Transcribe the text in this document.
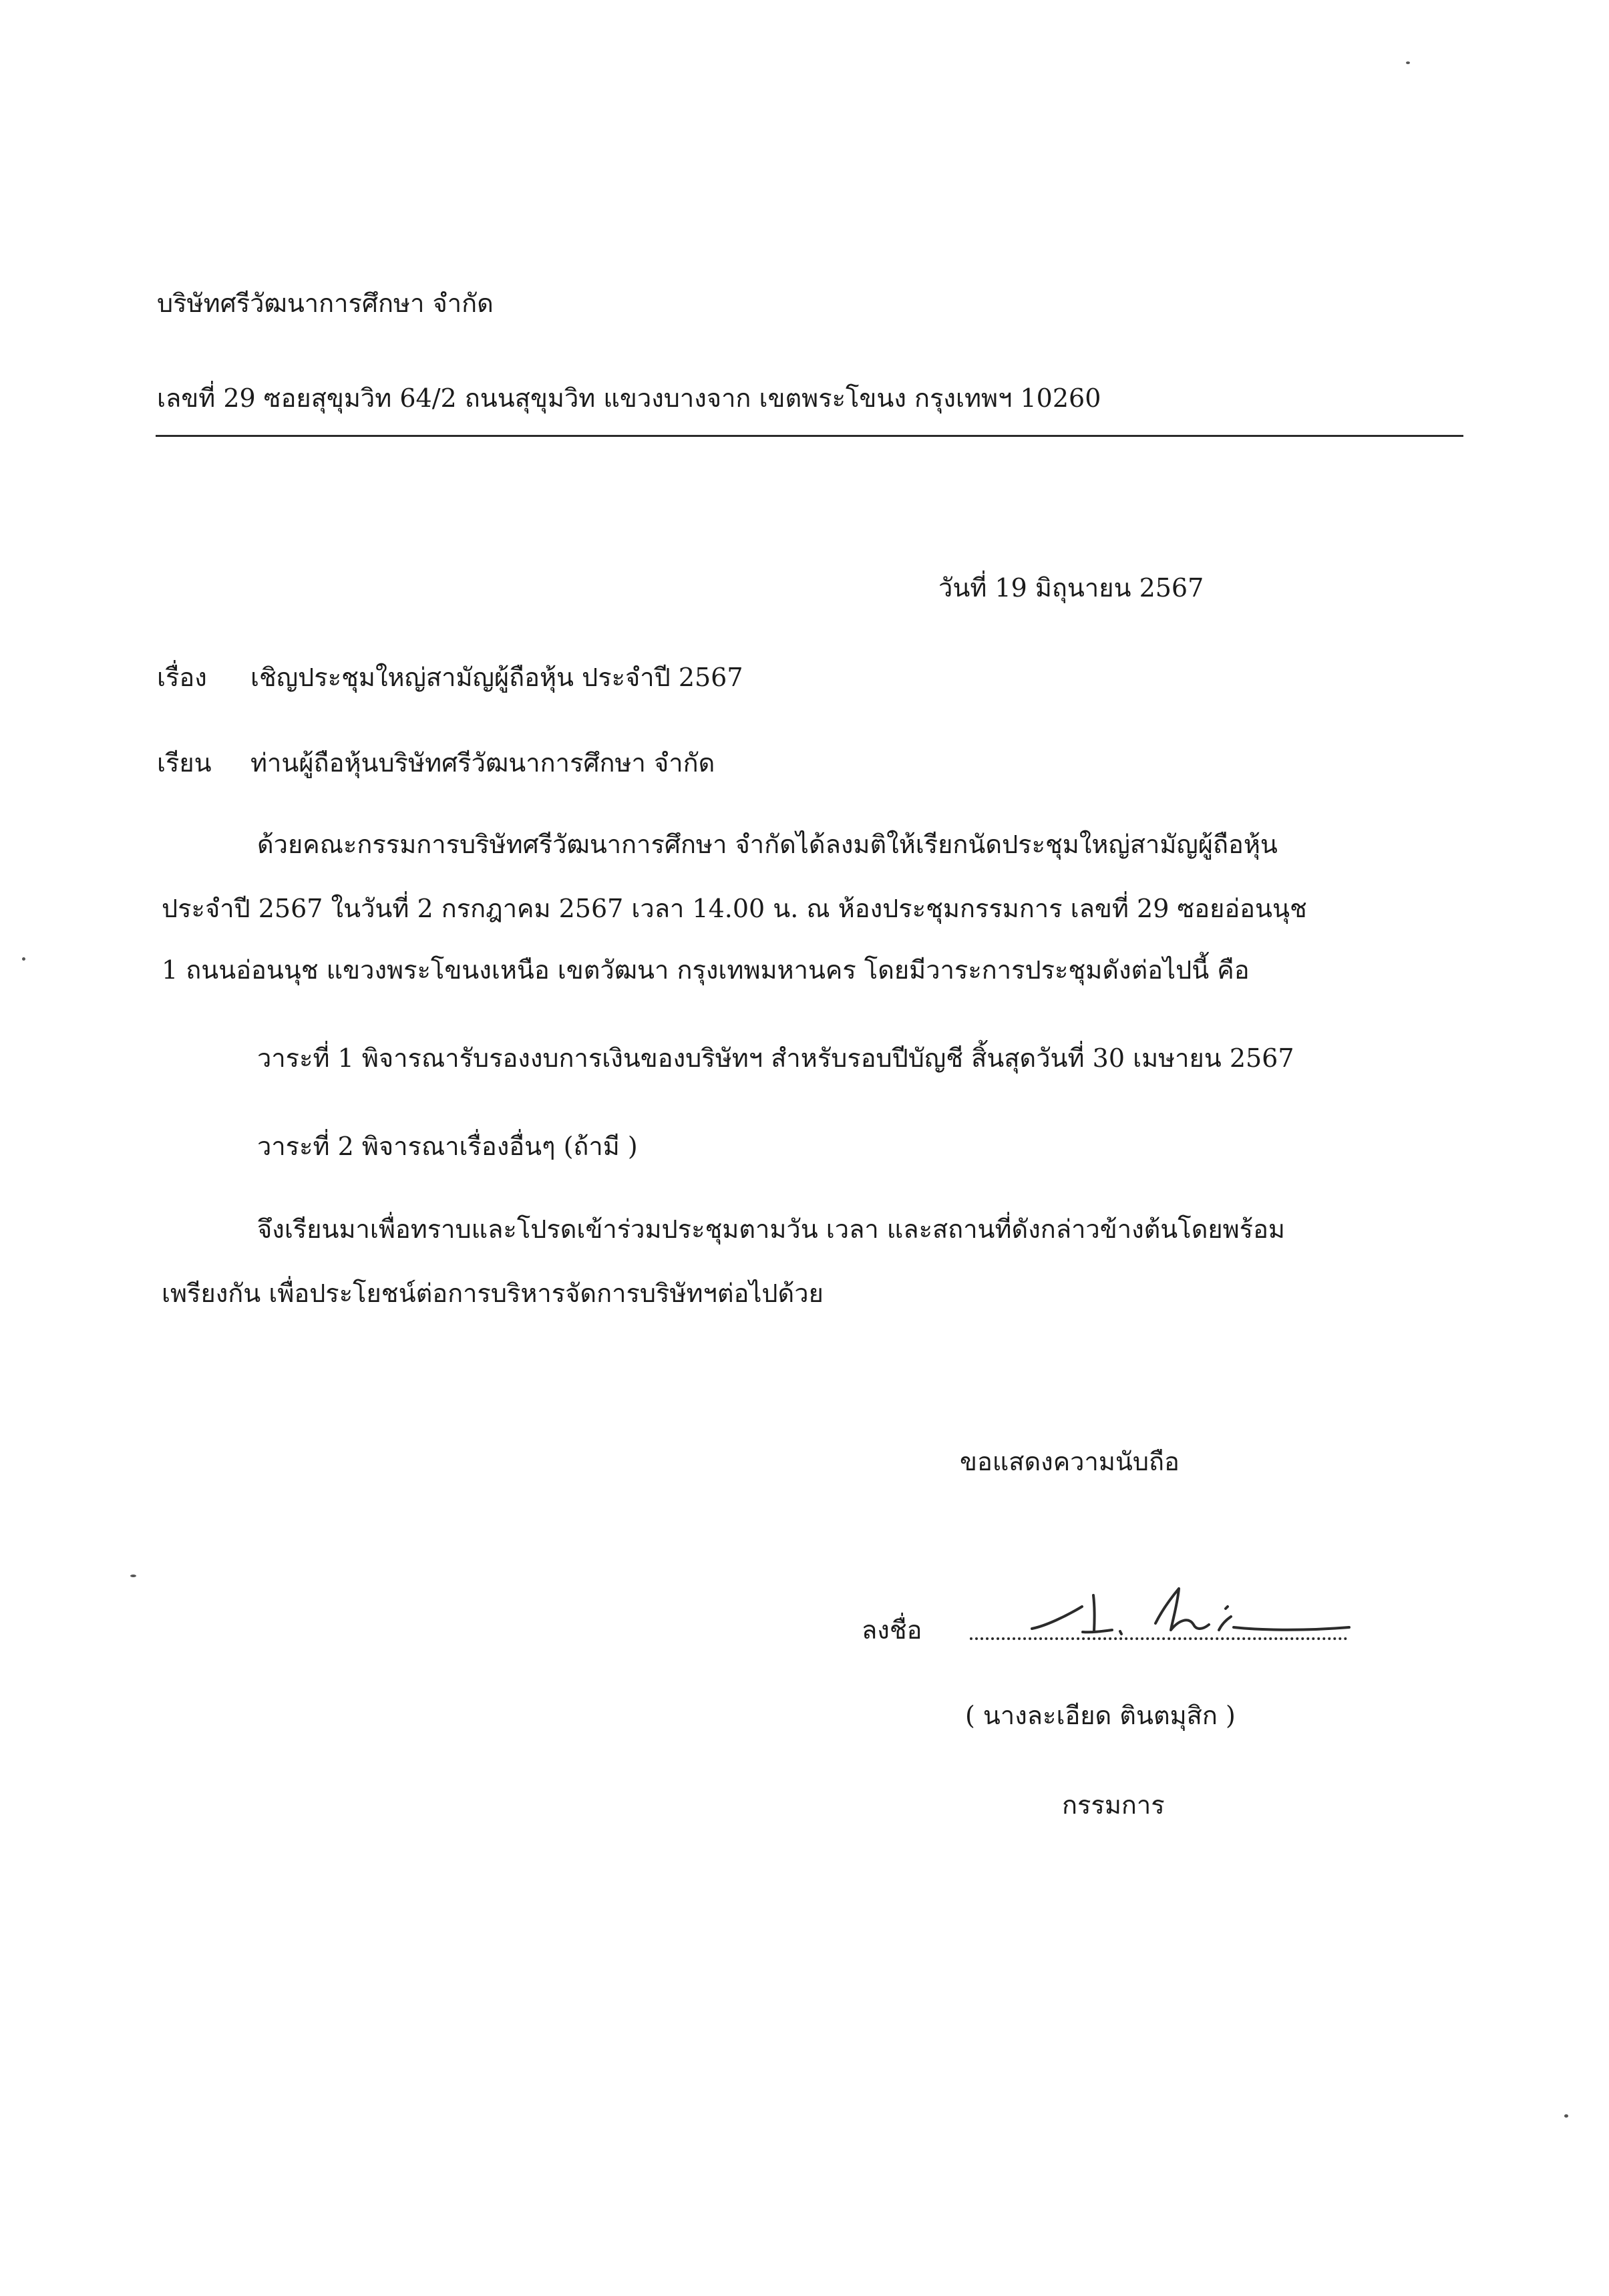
บริษัทศรีวัฒนาการศึกษา จำกัด
เลขที่ 29 ซอยสุขุมวิท 64/2 ถนนสุขุมวิท แขวงบางจาก เขตพระโขนง กรุงเทพฯ 10260
วันที่ 19 มิถุนายน 2567
เรื่อง เชิญประชุมใหญ่สามัญผู้ถือหุ้น ประจำปี 2567
เรียน ท่านผู้ถือหุ้นบริษัทศรีวัฒนาการศึกษา จำกัด
ด้วยคณะกรรมการบริษัทศรีวัฒนาการศึกษา จำกัดได้ลงมติให้เรียกนัดประชุมใหญ่สามัญผู้ถือหุ้น
ประจำปี 2567 ในวันที่ 2 กรกฎาคม 2567 เวลา 14.00 น. ณ ห้องประชุมกรรมการ เลขที่ 29 ซอยอ่อนนุช
1 ถนนอ่อนนุช แขวงพระโขนงเหนือ เขตวัฒนา กรุงเทพมหานคร โดยมีวาระการประชุมดังต่อไปนี้ คือ
วาระที่ 1 พิจารณารับรองงบการเงินของบริษัทฯ สำหรับรอบปีบัญชี สิ้นสุดวันที่ 30 เมษายน 2567
วาระที่ 2 พิจารณาเรื่องอื่นๆ (ถ้ามี )
จึงเรียนมาเพื่อทราบและโปรดเข้าร่วมประชุมตามวัน เวลา และสถานที่ดังกล่าวข้างต้นโดยพร้อม
เพรียงกัน เพื่อประโยชน์ต่อการบริหารจัดการบริษัทฯต่อไปด้วย
ขอแสดงความนับถือ
ลงชื่อ
( นางละเอียด ตินตมุสิก )
กรรมการ
